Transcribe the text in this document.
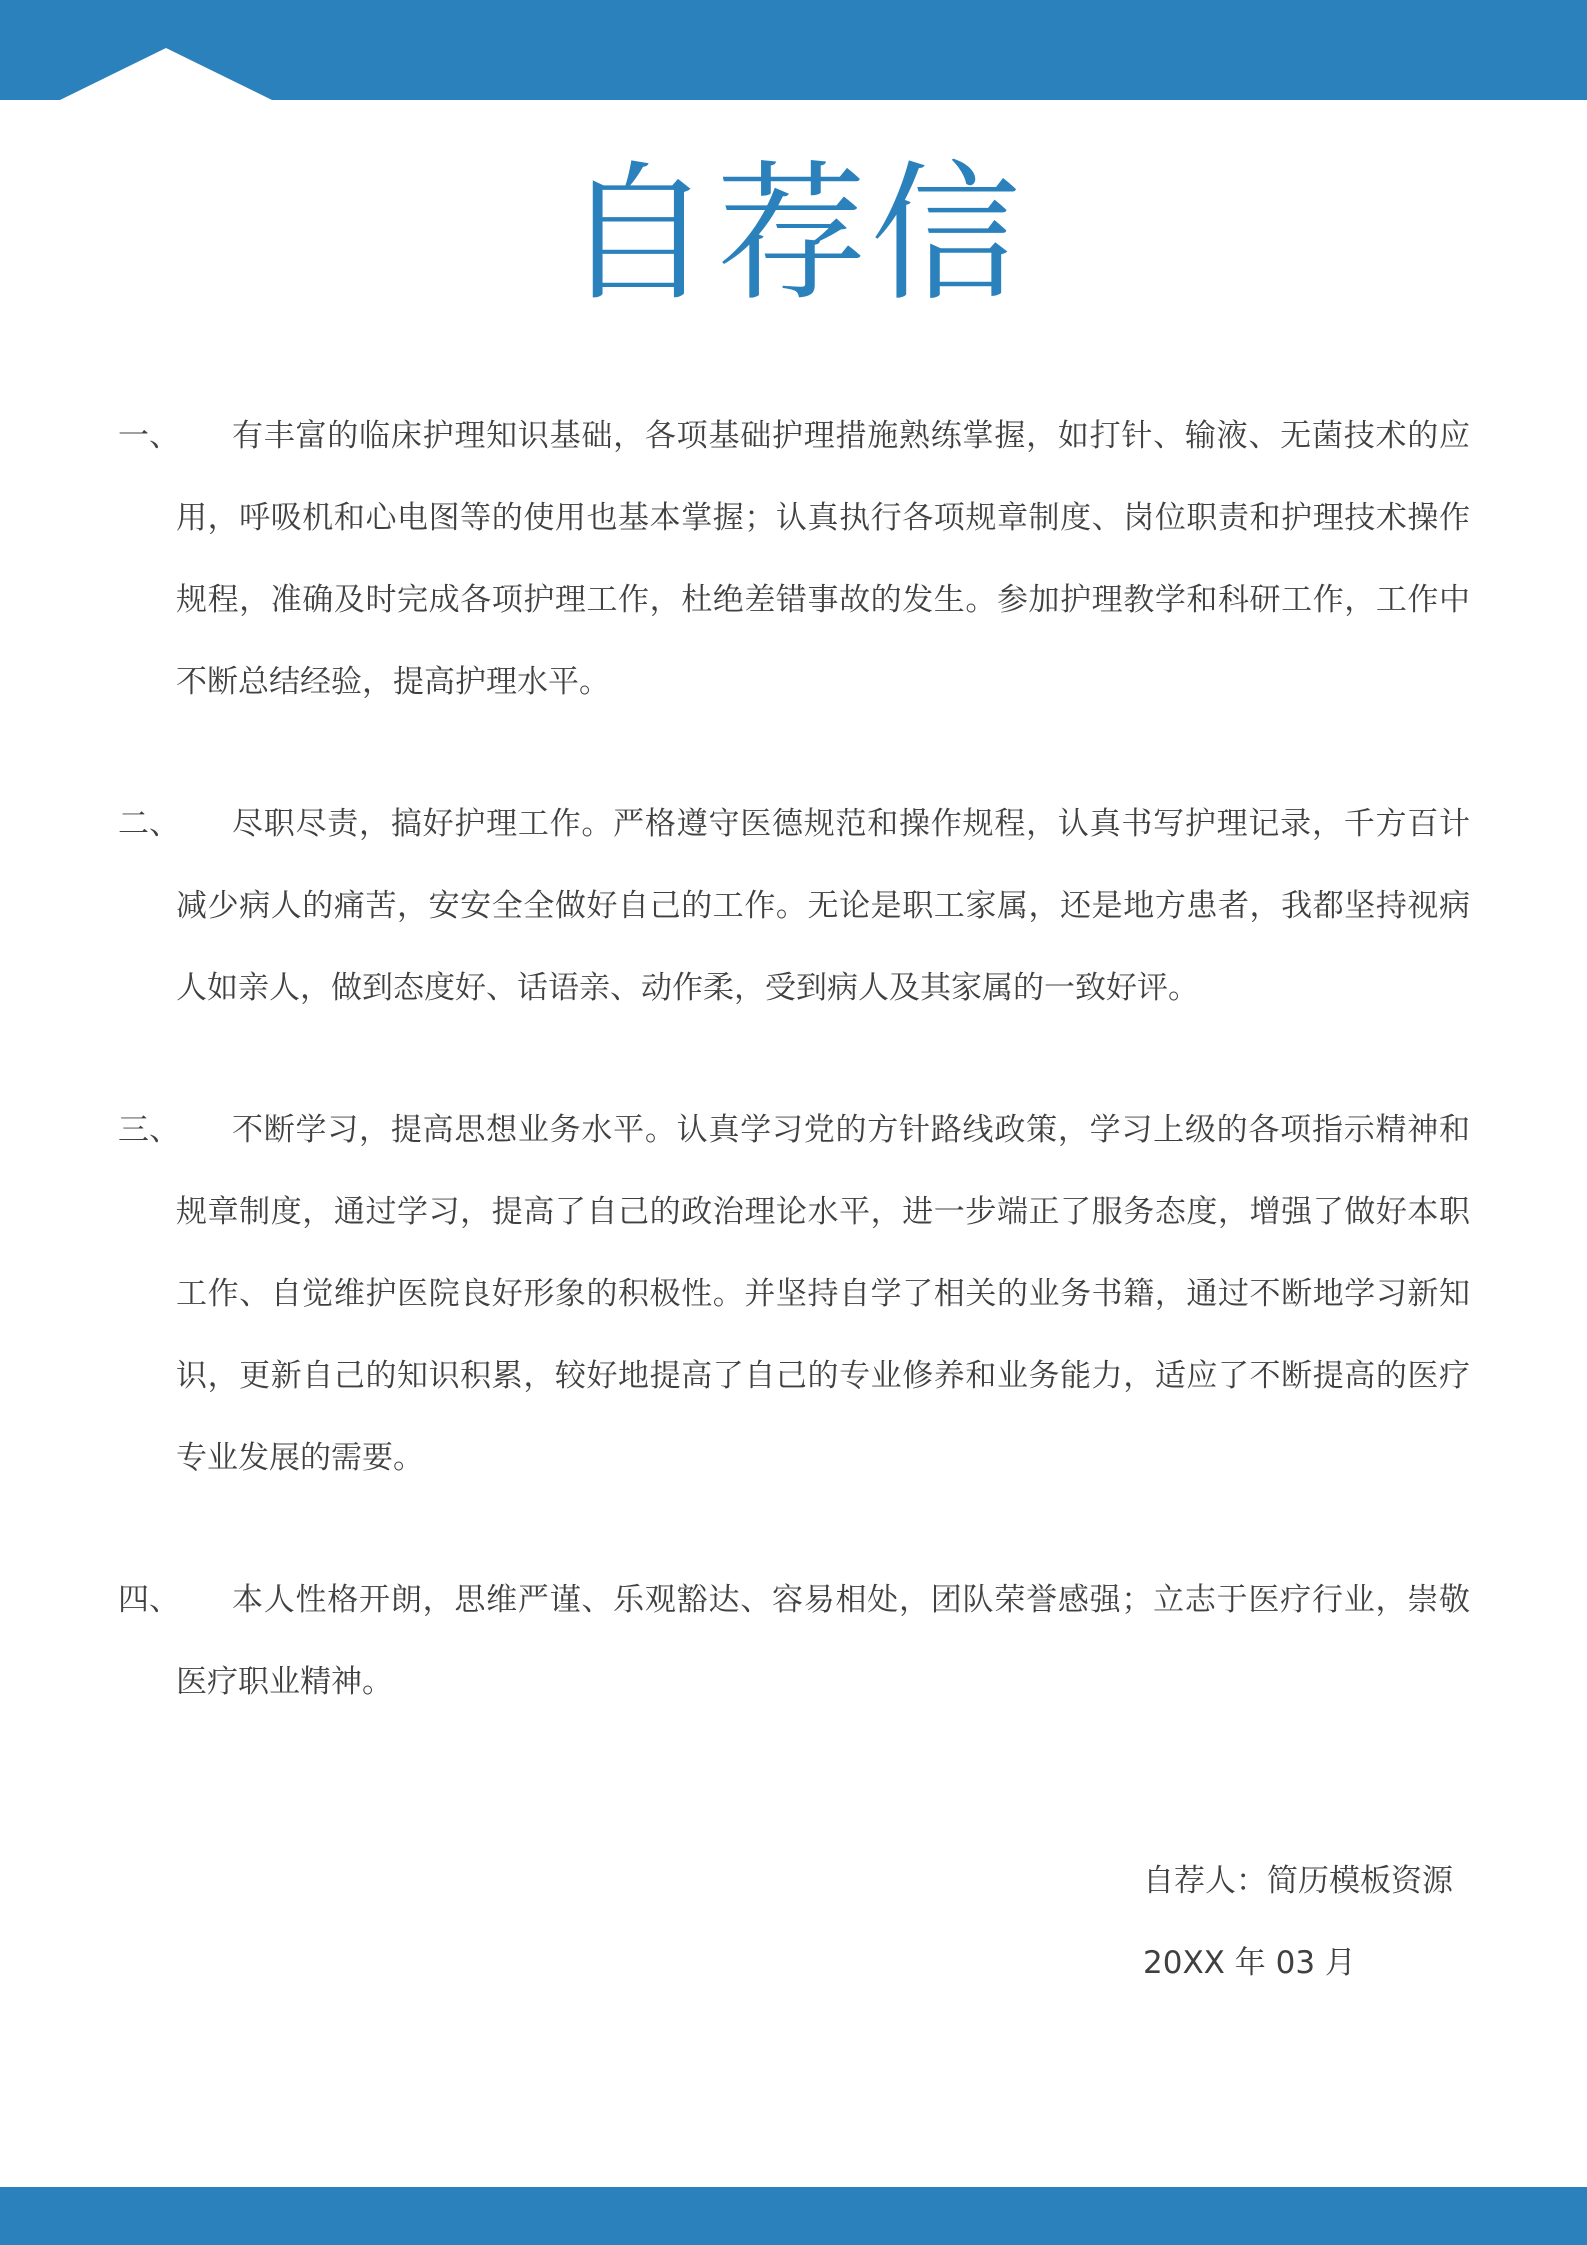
自荐信
一、	有丰富的临床护理知识基础，各项基础护理措施熟练掌握，如打针、输液、无菌技术的应用，呼吸机和心电图等的使用也基本掌握；认真执行各项规章制度、岗位职责和护理技术操作规程，准确及时完成各项护理工作，杜绝差错事故的发生。参加护理教学和科研工作，工作中不断总结经验，提高护理水平。
二、	尽职尽责，搞好护理工作。严格遵守医德规范和操作规程，认真书写护理记录，千方百计减少病人的痛苦，安安全全做好自己的工作。无论是职工家属，还是地方患者，我都坚持视病人如亲人，做到态度好、话语亲、动作柔，受到病人及其家属的一致好评。
三、	不断学习，提高思想业务水平。认真学习党的方针路线政策，学习上级的各项指示精神和规章制度，通过学习，提高了自己的政治理论水平，进一步端正了服务态度，增强了做好本职工作、自觉维护医院良好形象的积极性。并坚持自学了相关的业务书籍，通过不断地学习新知识，更新自己的知识积累，较好地提高了自己的专业修养和业务能力，适应了不断提高的医疗专业发展的需要。
四、	本人性格开朗，思维严谨、乐观豁达、容易相处，团队荣誉感强；立志于医疗行业，崇敬医疗职业精神。
自荐人：简历模板资源
20XX 年 03 月
